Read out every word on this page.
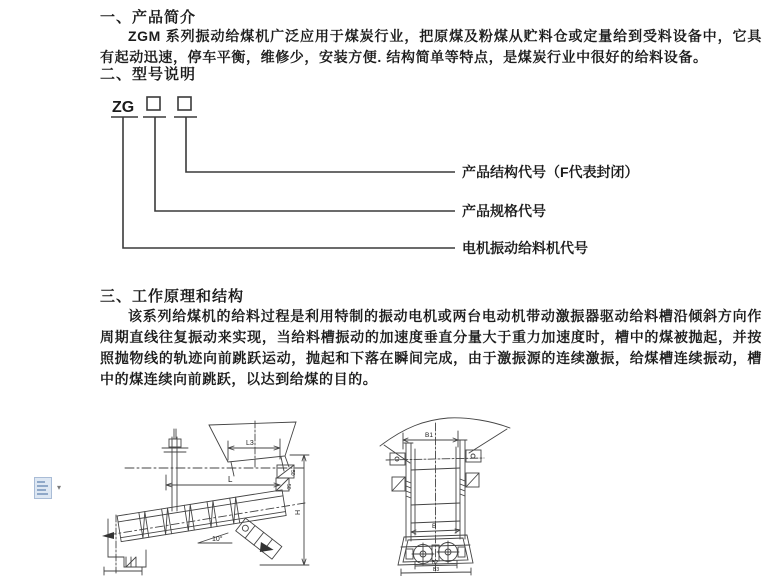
一、产品简介
ZGM 系列振动给煤机广泛应用于煤炭行业，把原煤及粉煤从贮料仓或定量给到受料设备中，它具有起动迅速，停车平衡，维修少，安装方便. 结构简单等特点，是煤炭行业中很好的给料设备。
二、型号说明
ZG
产品结构代号（F代表封闭）
产品规格代号
电机振动给料机代号
三、工作原理和结构
该系列给煤机的给料过程是利用特制的振动电机或两台电动机带动激振器驱动给料槽沿倾斜方向作周期直线往复振动来实现，当给料槽振动的加速度垂直分量大于重力加速度时，槽中的煤被抛起，并按照抛物线的轨迹向前跳跃运动，抛起和下落在瞬间完成，由于激振源的连续激振，给煤槽连续振动，槽中的煤连续向前跳跃，以达到给煤的目的。
L3
L
10°
50
50
H
B1
B
B2
B3
▾
